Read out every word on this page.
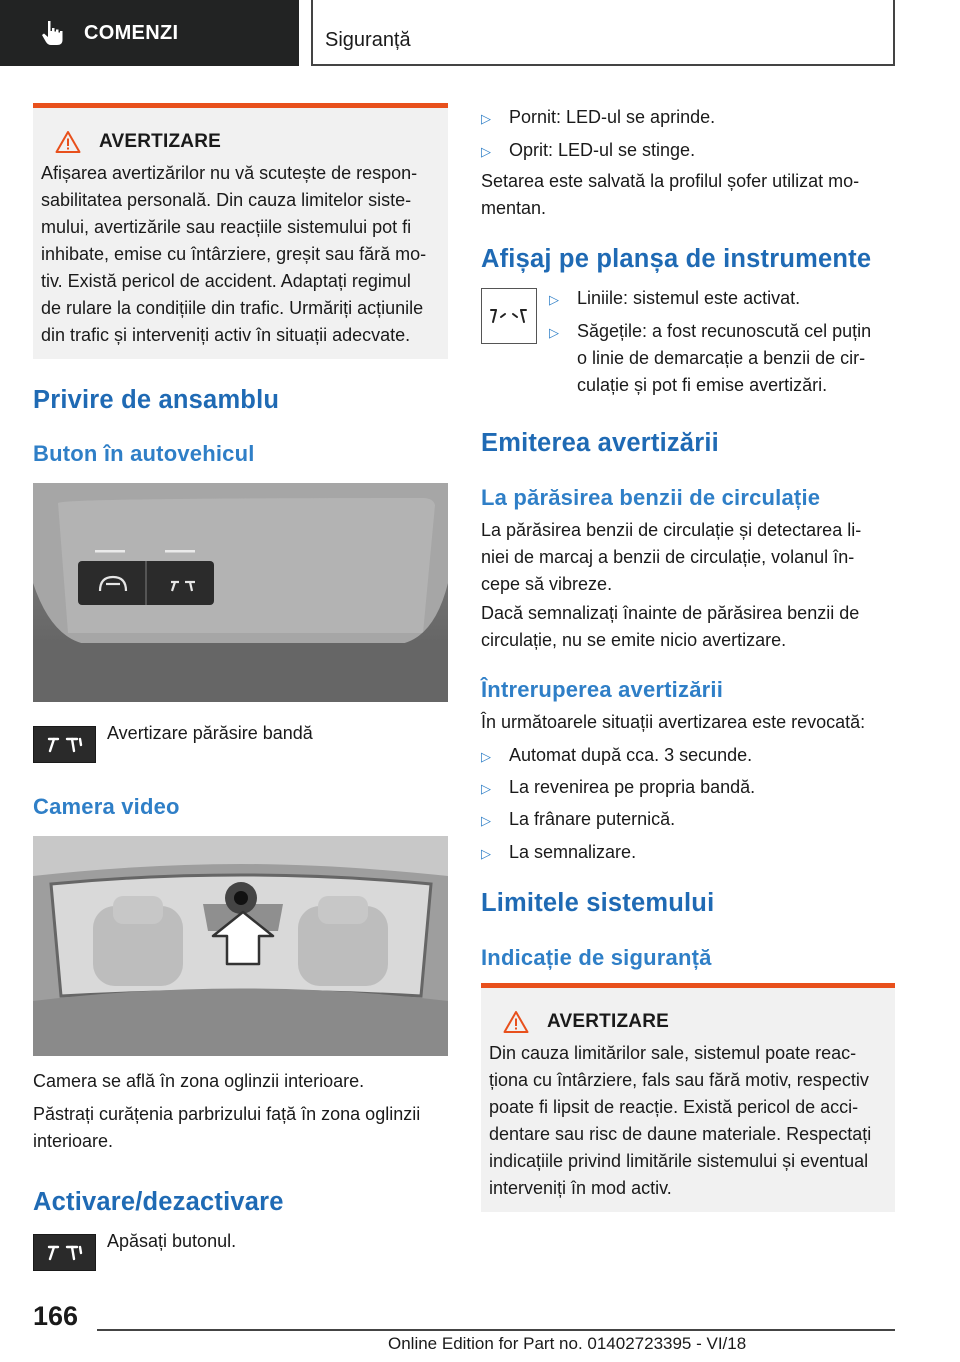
COMENZI	Siguranță
AVERTIZARE
Afișarea avertizărilor nu vă scutește de respon-
sabilitatea personală. Din cauza limitelor siste-
mului, avertizările sau reacțiile sistemului pot fi
inhibate, emise cu întârziere, greșit sau fără mo-
tiv. Există pericol de accident. Adaptați regimul
de rulare la condițiile din trafic. Urmăriți acțiunile
din trafic și interveniți activ în situații adecvate.
Privire de ansamblu
Buton în autovehicul
Avertizare părăsire bandă
Camera video
Camera se află în zona oglinzii interioare.
Păstrați curățenia parbrizului față în zona oglinzii
interioare.
Activare/dezactivare
Apăsați butonul.
▷	Pornit: LED-ul se aprinde.
▷	Oprit: LED-ul se stinge.
Setarea este salvată la profilul șofer utilizat mo-
mentan.
Afișaj pe planșa de instrumente
▷	Liniile: sistemul este activat.
▷	Săgețile: a fost recunoscută cel puțin
o linie de demarcație a benzii de cir-
culație și pot fi emise avertizări.
Emiterea avertizării
La părăsirea benzii de circulație
La părăsirea benzii de circulație și detectarea li-
niei de marcaj a benzii de circulație, volanul în-
cepe să vibreze.
Dacă semnalizați înainte de părăsirea benzii de
circulație, nu se emite nicio avertizare.
Întreruperea avertizării
În următoarele situații avertizarea este revocată:
▷	Automat după cca. 3 secunde.
▷	La revenirea pe propria bandă.
▷	La frânare puternică.
▷	La semnalizare.
Limitele sistemului
Indicație de siguranță
AVERTIZARE
Din cauza limitărilor sale, sistemul poate reac-
ționa cu întârziere, fals sau fără motiv, respectiv
poate fi lipsit de reacție. Există pericol de acci-
dentare sau risc de daune materiale. Respectați
indicațiile privind limitările sistemului și eventual
interveniți în mod activ.
166
Online Edition for Part no. 01402723395 - VI/18
